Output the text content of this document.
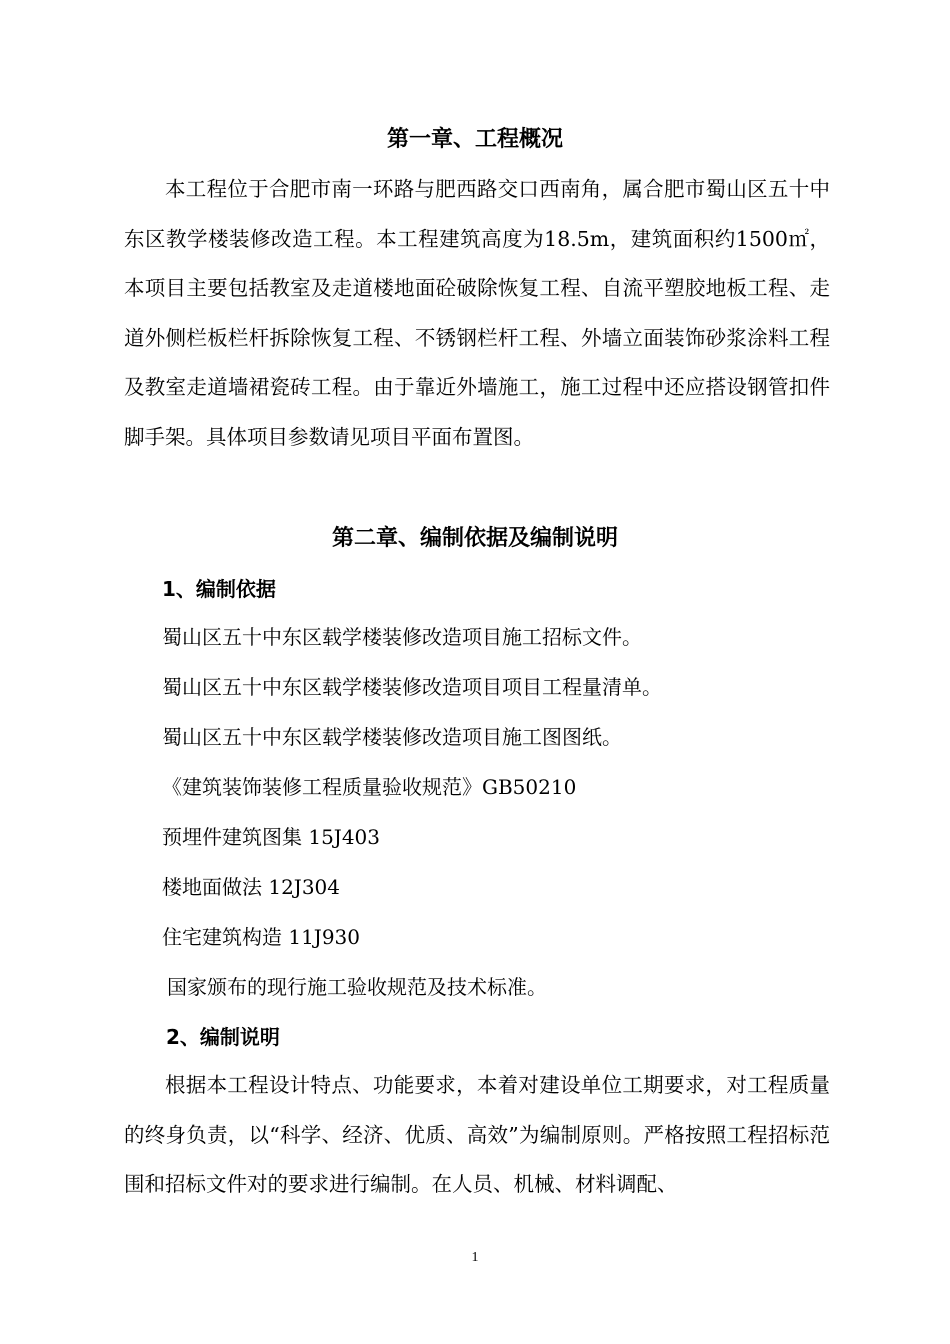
第一章、工程概况

本工程位于合肥市南一环路与肥西路交口西南角，属合肥市蜀山区五十中东区教学楼装修改造工程。本工程建筑高度为18.5m，建筑面积约1500㎡，本项目主要包括教室及走道楼地面砼破除恢复工程、自流平塑胶地板工程、走道外侧栏板栏杆拆除恢复工程、不锈钢栏杆工程、外墙立面装饰砂浆涂料工程及教室走道墙裙瓷砖工程。由于靠近外墙施工，施工过程中还应搭设钢管扣件脚手架。具体项目参数请见项目平面布置图。

第二章、编制依据及编制说明
1、编制依据
蜀山区五十中东区载学楼装修改造项目施工招标文件。
蜀山区五十中东区载学楼装修改造项目项目工程量清单。
蜀山区五十中东区载学楼装修改造项目施工图图纸。
《建筑装饰装修工程质量验收规范》GB50210
预埋件建筑图集 15J403
楼地面做法 12J304
住宅建筑构造 11J930
国家颁布的现行施工验收规范及技术标准。
2、编制说明

根据本工程设计特点、功能要求，本着对建设单位工期要求，对工程质量的终身负责，以“科学、经济、优质、高效”为编制原则。严格按照工程招标范围和招标文件对的要求进行编制。在人员、机械、材料调配、

1
